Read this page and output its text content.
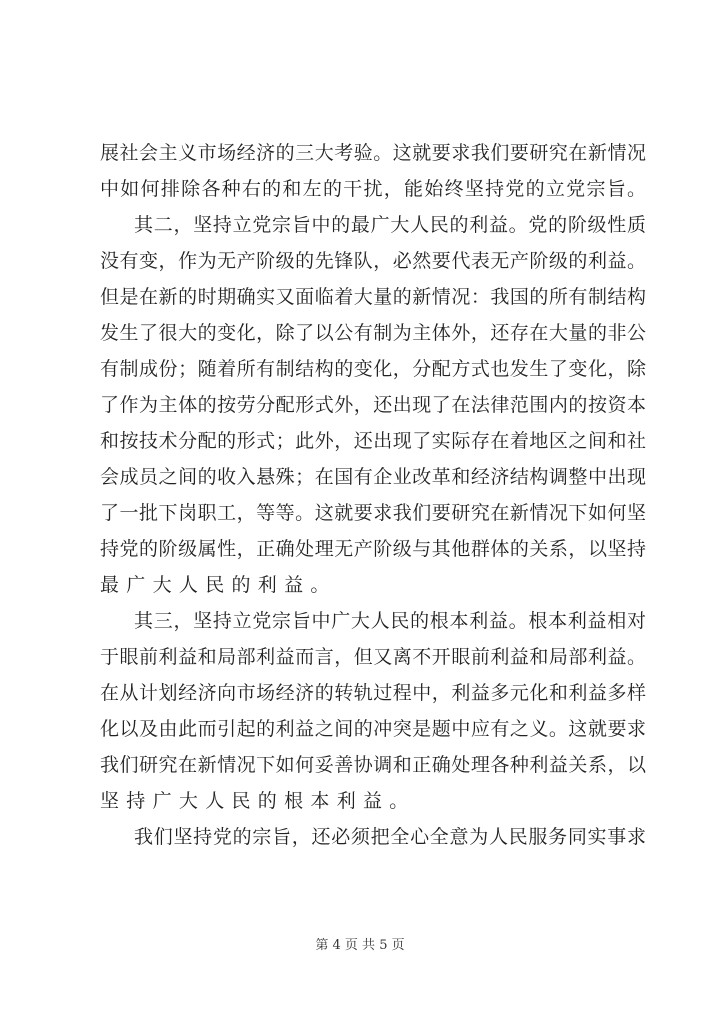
展社会主义市场经济的三大考验。这就要求我们要研究在新情况
中如何排除各种右的和左的干扰，能始终坚持党的立党宗旨。
其二，坚持立党宗旨中的最广大人民的利益。党的阶级性质
没有变，作为无产阶级的先锋队，必然要代表无产阶级的利益。
但是在新的时期确实又面临着大量的新情况：我国的所有制结构
发生了很大的变化，除了以公有制为主体外，还存在大量的非公
有制成份；随着所有制结构的变化，分配方式也发生了变化，除
了作为主体的按劳分配形式外，还出现了在法律范围内的按资本
和按技术分配的形式；此外，还出现了实际存在着地区之间和社
会成员之间的收入悬殊；在国有企业改革和经济结构调整中出现
了一批下岗职工，等等。这就要求我们要研究在新情况下如何坚
持党的阶级属性，正确处理无产阶级与其他群体的关系，以坚持
最广大人民的利益。
其三，坚持立党宗旨中广大人民的根本利益。根本利益相对
于眼前利益和局部利益而言，但又离不开眼前利益和局部利益。
在从计划经济向市场经济的转轨过程中，利益多元化和利益多样
化以及由此而引起的利益之间的冲突是题中应有之义。这就要求
我们研究在新情况下如何妥善协调和正确处理各种利益关系，以
坚持广大人民的根本利益。
我们坚持党的宗旨，还必须把全心全意为人民服务同实事求
第 4 页 共 5 页
